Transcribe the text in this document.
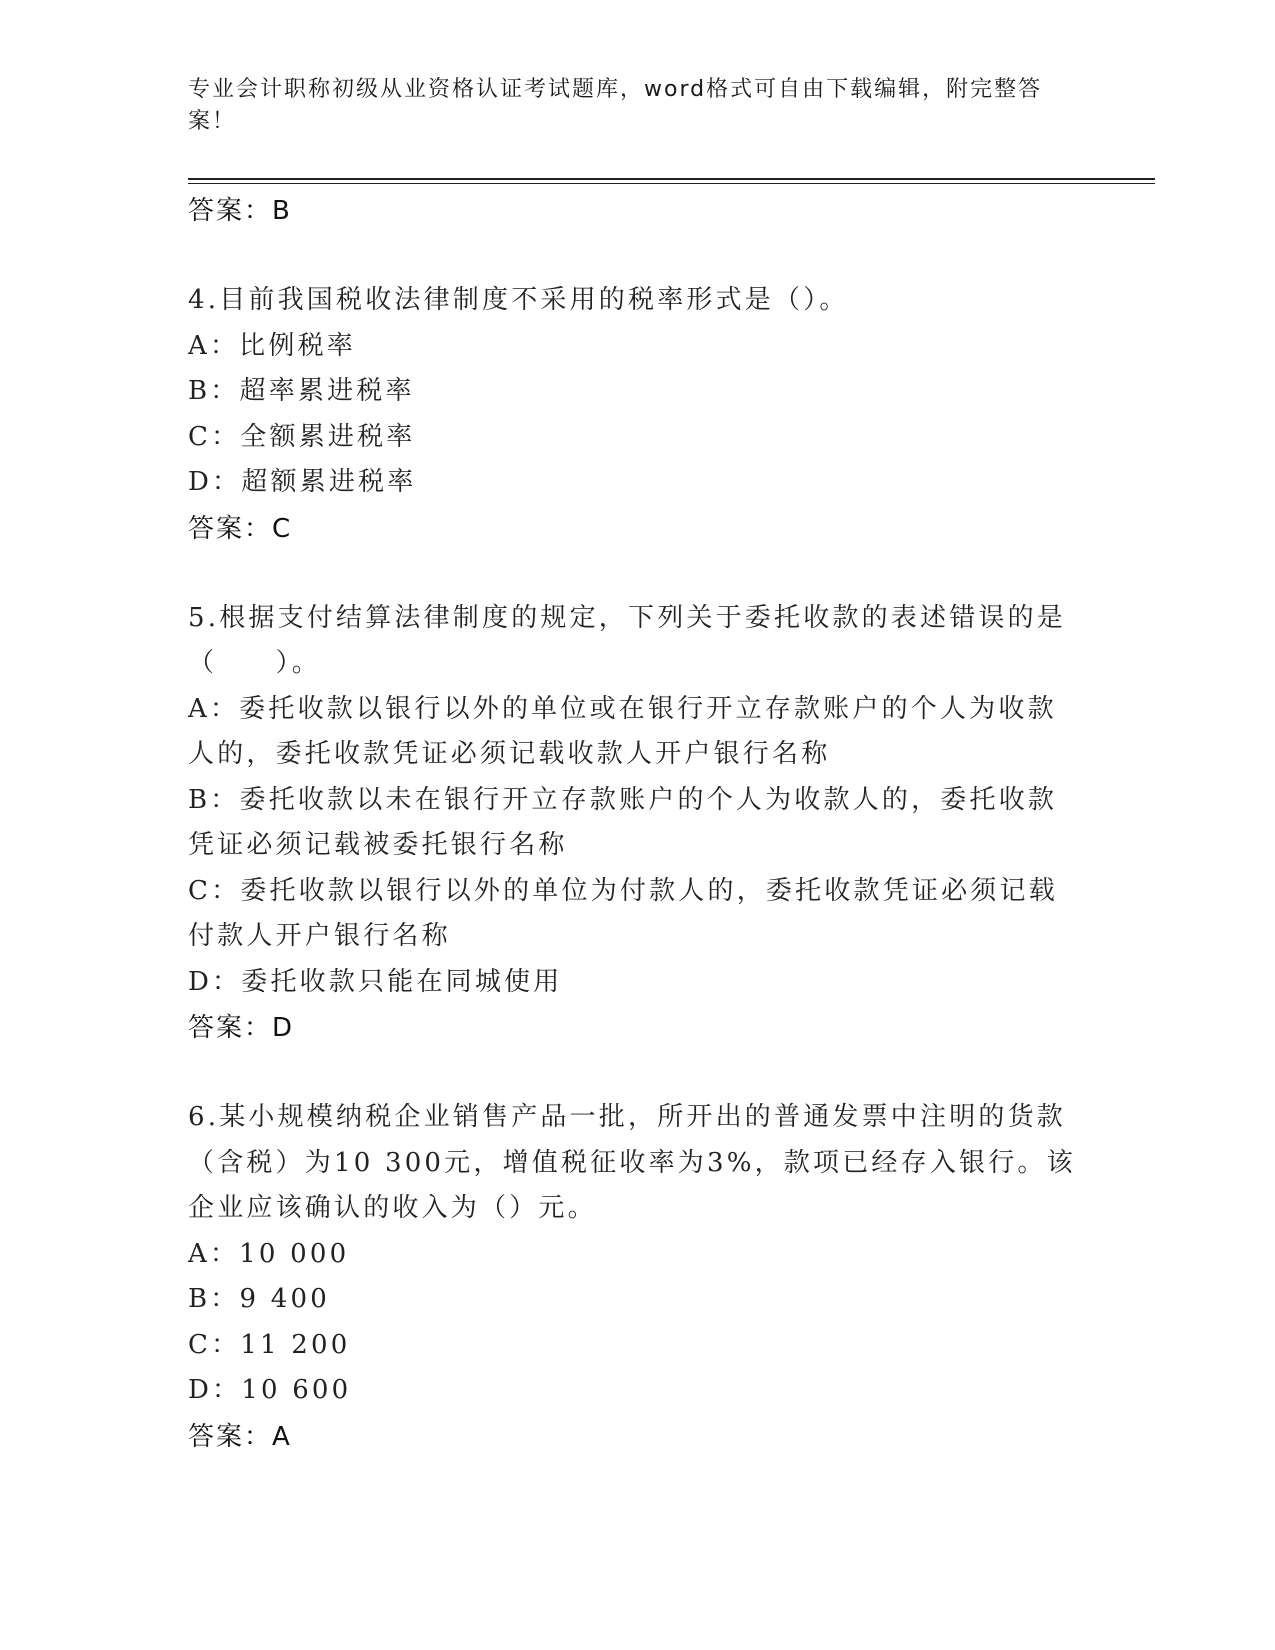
专业会计职称初级从业资格认证考试题库，word格式可自由下载编辑，附完整答案！
答案：B
4.目前我国税收法律制度不采用的税率形式是（）。
A：比例税率
B：超率累进税率
C：全额累进税率
D：超额累进税率
答案：C
5.根据支付结算法律制度的规定，下列关于委托收款的表述错误的是（　　）。
A：委托收款以银行以外的单位或在银行开立存款账户的个人为收款人的，委托收款凭证必须记载收款人开户银行名称
B：委托收款以未在银行开立存款账户的个人为收款人的，委托收款凭证必须记载被委托银行名称
C：委托收款以银行以外的单位为付款人的，委托收款凭证必须记载付款人开户银行名称
D：委托收款只能在同城使用
答案：D
6.某小规模纳税企业销售产品一批，所开出的普通发票中注明的货款（含税）为10 300元，增值税征收率为3%，款项已经存入银行。该企业应该确认的收入为（）元。
A：10 000
B：9 400
C：11 200
D：10 600
答案：A
